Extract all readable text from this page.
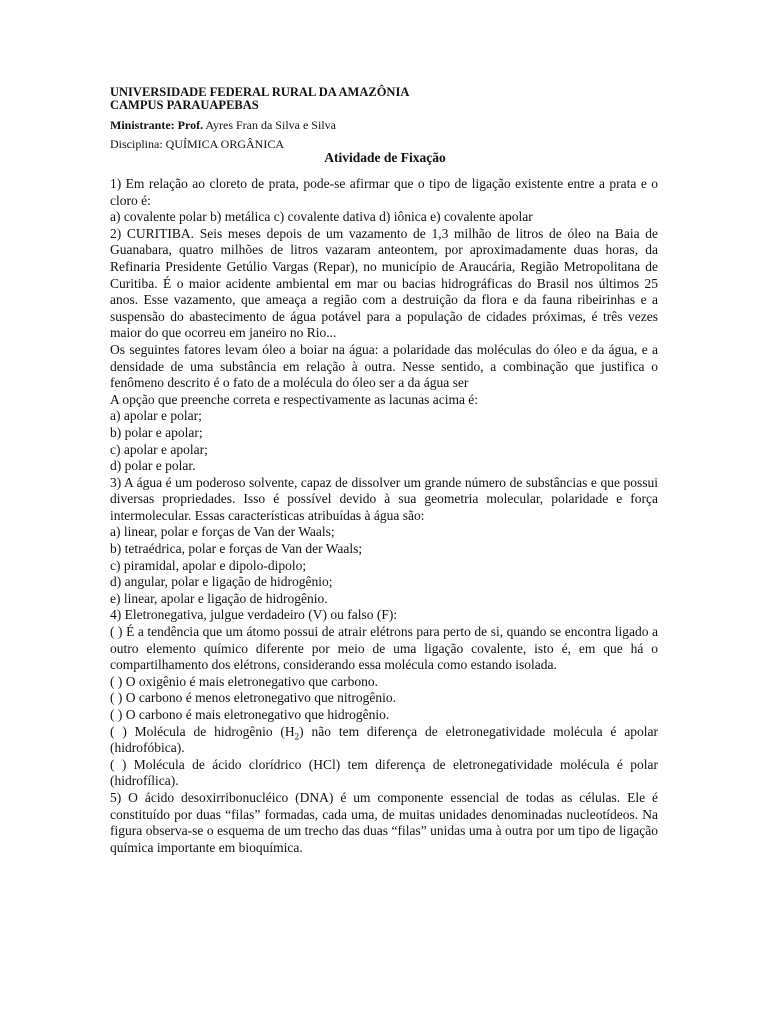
UNIVERSIDADE FEDERAL RURAL DA AMAZÔNIA
CAMPUS PARAUAPEBAS
Ministrante: Prof. Ayres Fran da Silva e Silva
Disciplina: QUÍMICA ORGÂNICA
Atividade de Fixação

1) Em relação ao cloreto de prata, pode-se afirmar que o tipo de ligação existente entre a prata e o cloro é:

a) covalente polar b) metálica c) covalente dativa d) iônica e) covalente apolar

2) CURITIBA. Seis meses depois de um vazamento de 1,3 milhão de litros de óleo na Baia de Guanabara, quatro milhões de litros vazaram anteontem, por aproximadamente duas horas, da Refinaria Presidente Getúlio Vargas (Repar), no município de Araucária, Região Metropolitana de Curitiba. É o maior acidente ambiental em mar ou bacias hidrográficas do Brasil nos últimos 25 anos. Esse vazamento, que ameaça a região com a destruição da flora e da fauna ribeirinhas e a suspensão do abastecimento de água potável para a população de cidades próximas, é três vezes maior do que ocorreu em janeiro no Rio...

Os seguintes fatores levam óleo a boiar na água: a polaridade das moléculas do óleo e da água, e a densidade de uma substância em relação à outra. Nesse sentido, a combinação que justifica o fenômeno descrito é o fato de a molécula do óleo ser a da água ser

A opção que preenche correta e respectivamente as lacunas acima é:

a) apolar e polar;

b) polar e apolar;

c) apolar e apolar;

d) polar e polar.

3) A água é um poderoso solvente, capaz de dissolver um grande número de substâncias e que possui diversas propriedades. Isso é possível devido à sua geometria molecular, polaridade e força intermolecular. Essas características atribuídas à água são:

a) linear, polar e forças de Van der Waals;

b) tetraédrica, polar e forças de Van der Waals;

c) piramidal, apolar e dipolo-dipolo;

d) angular, polar e ligação de hidrogênio;

e) linear, apolar e ligação de hidrogênio.

4) Eletronegativa, julgue verdadeiro (V) ou falso (F):

( ) É a tendência que um átomo possui de atrair elétrons para perto de si, quando se encontra ligado a outro elemento químico diferente por meio de uma ligação covalente, isto é, em que há o compartilhamento dos elétrons, considerando essa molécula como estando isolada.

( ) O oxigênio é mais eletronegativo que carbono.

( ) O carbono é menos eletronegativo que nitrogênio.

( ) O carbono é mais eletronegativo que hidrogênio.

( ) Molécula de hidrogênio $(H_2)$ não tem diferença de eletronegatividade molécula é apolar (hidrofóbica).

( ) Molécula de ácido clorídrico (HCl) tem diferença de eletronegatividade molécula é polar (hidrofílica).

5) O ácido desoxirribonucléico (DNA) é um componente essencial de todas as células. Ele é constituído por duas “filas” formadas, cada uma, de muitas unidades denominadas nucleotídeos. Na figura observa-se o esquema de um trecho das duas “filas” unidas uma à outra por um tipo de ligação química importante em bioquímica.
